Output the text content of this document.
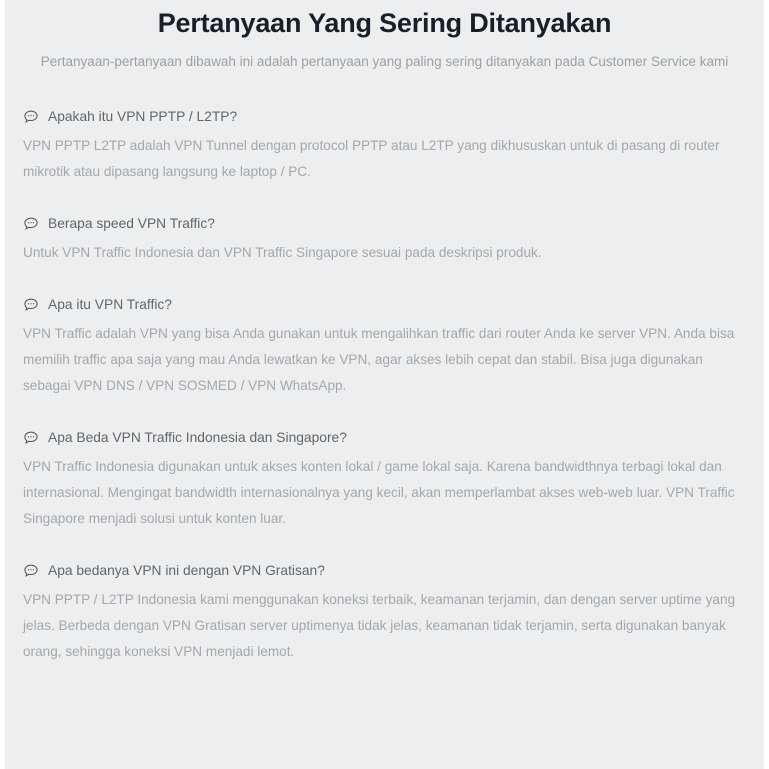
Pertanyaan Yang Sering Ditanyakan

Pertanyaan-pertanyaan dibawah ini adalah pertanyaan yang paling sering ditanyakan pada Customer Service kami

Apakah itu VPN PPTP / L2TP?

VPN PPTP L2TP adalah VPN Tunnel dengan protocol PPTP atau L2TP yang dikhususkan untuk di pasang di router mikrotik atau dipasang langsung ke laptop / PC.

Berapa speed VPN Traffic?

Untuk VPN Traffic Indonesia dan VPN Traffic Singapore sesuai pada deskripsi produk.

Apa itu VPN Traffic?

VPN Traffic adalah VPN yang bisa Anda gunakan untuk mengalihkan traffic dari router Anda ke server VPN. Anda bisa memilih traffic apa saja yang mau Anda lewatkan ke VPN, agar akses lebih cepat dan stabil. Bisa juga digunakan sebagai VPN DNS / VPN SOSMED / VPN WhatsApp.

Apa Beda VPN Traffic Indonesia dan Singapore?

VPN Traffic Indonesia digunakan untuk akses konten lokal / game lokal saja. Karena bandwidthnya terbagi lokal dan internasional. Mengingat bandwidth internasionalnya yang kecil, akan memperlambat akses web-web luar. VPN Traffic Singapore menjadi solusi untuk konten luar.

Apa bedanya VPN ini dengan VPN Gratisan?

VPN PPTP / L2TP Indonesia kami menggunakan koneksi terbaik, keamanan terjamin, dan dengan server uptime yang jelas. Berbeda dengan VPN Gratisan server uptimenya tidak jelas, keamanan tidak terjamin, serta digunakan banyak orang, sehingga koneksi VPN menjadi lemot.
